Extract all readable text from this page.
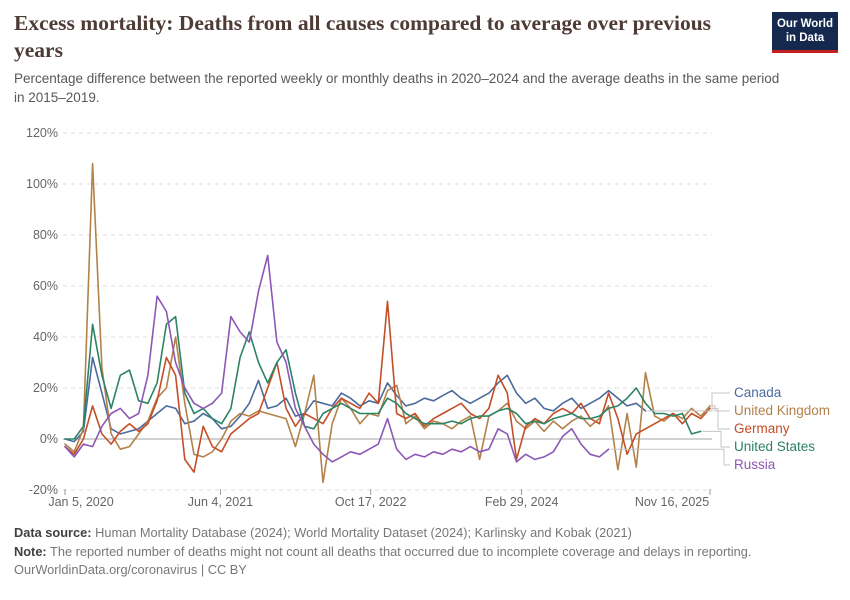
Excess mortality: Deaths from all causes compared to average over previous years
Our World
in Data
Percentage difference between the reported weekly or monthly deaths in 2020–2024 and the average deaths in the same period in 2015–2019.
120%
100%
80%
60%
40%
20%
0%
-20%
Jan 5, 2020	Jun 4, 2021	Oct 17, 2022	Feb 29, 2024	Nov 16, 2025
Canada
United Kingdom
Germany
United States
Russia
Data source: Human Mortality Database (2024); World Mortality Dataset (2024); Karlinsky and Kobak (2021)
Note: The reported number of deaths might not count all deaths that occurred due to incomplete coverage and delays in reporting.
OurWorldinData.org/coronavirus | CC BY
